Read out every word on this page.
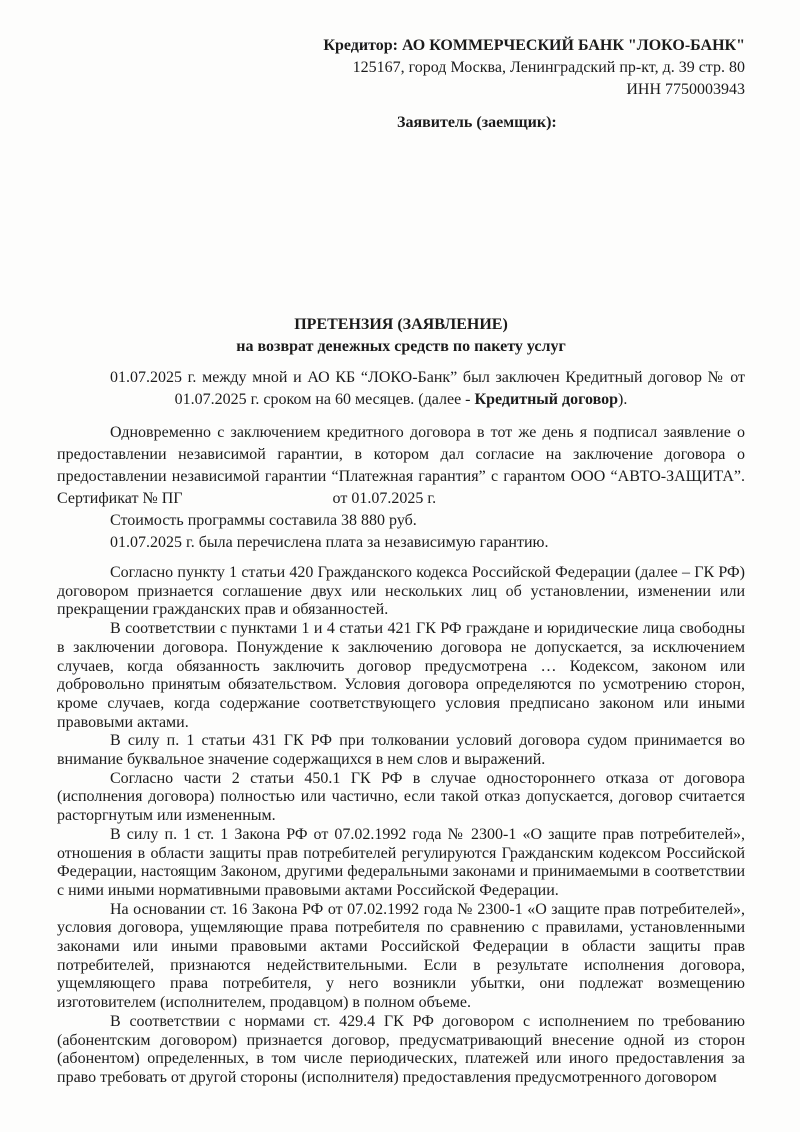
Кредитор: АО КОММЕРЧЕСКИЙ БАНК "ЛОКО-БАНК"
125167, город Москва, Ленинградский пр-кт, д. 39 стр. 80
ИНН 7750003943
Заявитель (заемщик):
ПРЕТЕНЗИЯ (ЗАЯВЛЕНИЕ)
на возврат денежных средств по пакету услуг

01.07.2025 г. между мной и АО КБ “ЛОКО-Банк” был заключен Кредитный договор № от 01.07.2025 г. сроком на 60 месяцев. (далее - Кредитный договор).

Одновременно с заключением кредитного договора в тот же день я подписал заявление о предоставлении независимой гарантии, в котором дал согласие на заключение договора о предоставлении независимой гарантии “Платежная гарантия” с гарантом ООО “АВТО-ЗАЩИТА”. Сертификат № ПГ	от 01.07.2025 г.

Стоимость программы составила 38 880 руб.

01.07.2025 г. была перечислена плата за независимую гарантию.

Согласно пункту 1 статьи 420 Гражданского кодекса Российской Федерации (далее – ГК РФ) договором признается соглашение двух или нескольких лиц об установлении, изменении или прекращении гражданских прав и обязанностей.

В соответствии с пунктами 1 и 4 статьи 421 ГК РФ граждане и юридические лица свободны в заключении договора. Понуждение к заключению договора не допускается, за исключением случаев, когда обязанность заключить договор предусмотрена … Кодексом, законом или добровольно принятым обязательством. Условия договора определяются по усмотрению сторон, кроме случаев, когда содержание соответствующего условия предписано законом или иными правовыми актами.

В силу п. 1 статьи 431 ГК РФ при толковании условий договора судом принимается во внимание буквальное значение содержащихся в нем слов и выражений.

Согласно части 2 статьи 450.1 ГК РФ в случае одностороннего отказа от договора (исполнения договора) полностью или частично, если такой отказ допускается, договор считается расторгнутым или измененным.

В силу п. 1 ст. 1 Закона РФ от 07.02.1992 года № 2300-1 «О защите прав потребителей», отношения в области защиты прав потребителей регулируются Гражданским кодексом Российской Федерации, настоящим Законом, другими федеральными законами и принимаемыми в соответствии с ними иными нормативными правовыми актами Российской Федерации.

На основании ст. 16 Закона РФ от 07.02.1992 года № 2300-1 «О защите прав потребителей», условия договора, ущемляющие права потребителя по сравнению с правилами, установленными законами или иными правовыми актами Российской Федерации в области защиты прав потребителей, признаются недействительными. Если в результате исполнения договора, ущемляющего права потребителя, у него возникли убытки, они подлежат возмещению изготовителем (исполнителем, продавцом) в полном объеме.

В соответствии с нормами ст. 429.4 ГК РФ договором с исполнением по требованию (абонентским договором) признается договор, предусматривающий внесение одной из сторон (абонентом) определенных, в том числе периодических, платежей или иного предоставления за право требовать от другой стороны (исполнителя) предоставления предусмотренного договором
